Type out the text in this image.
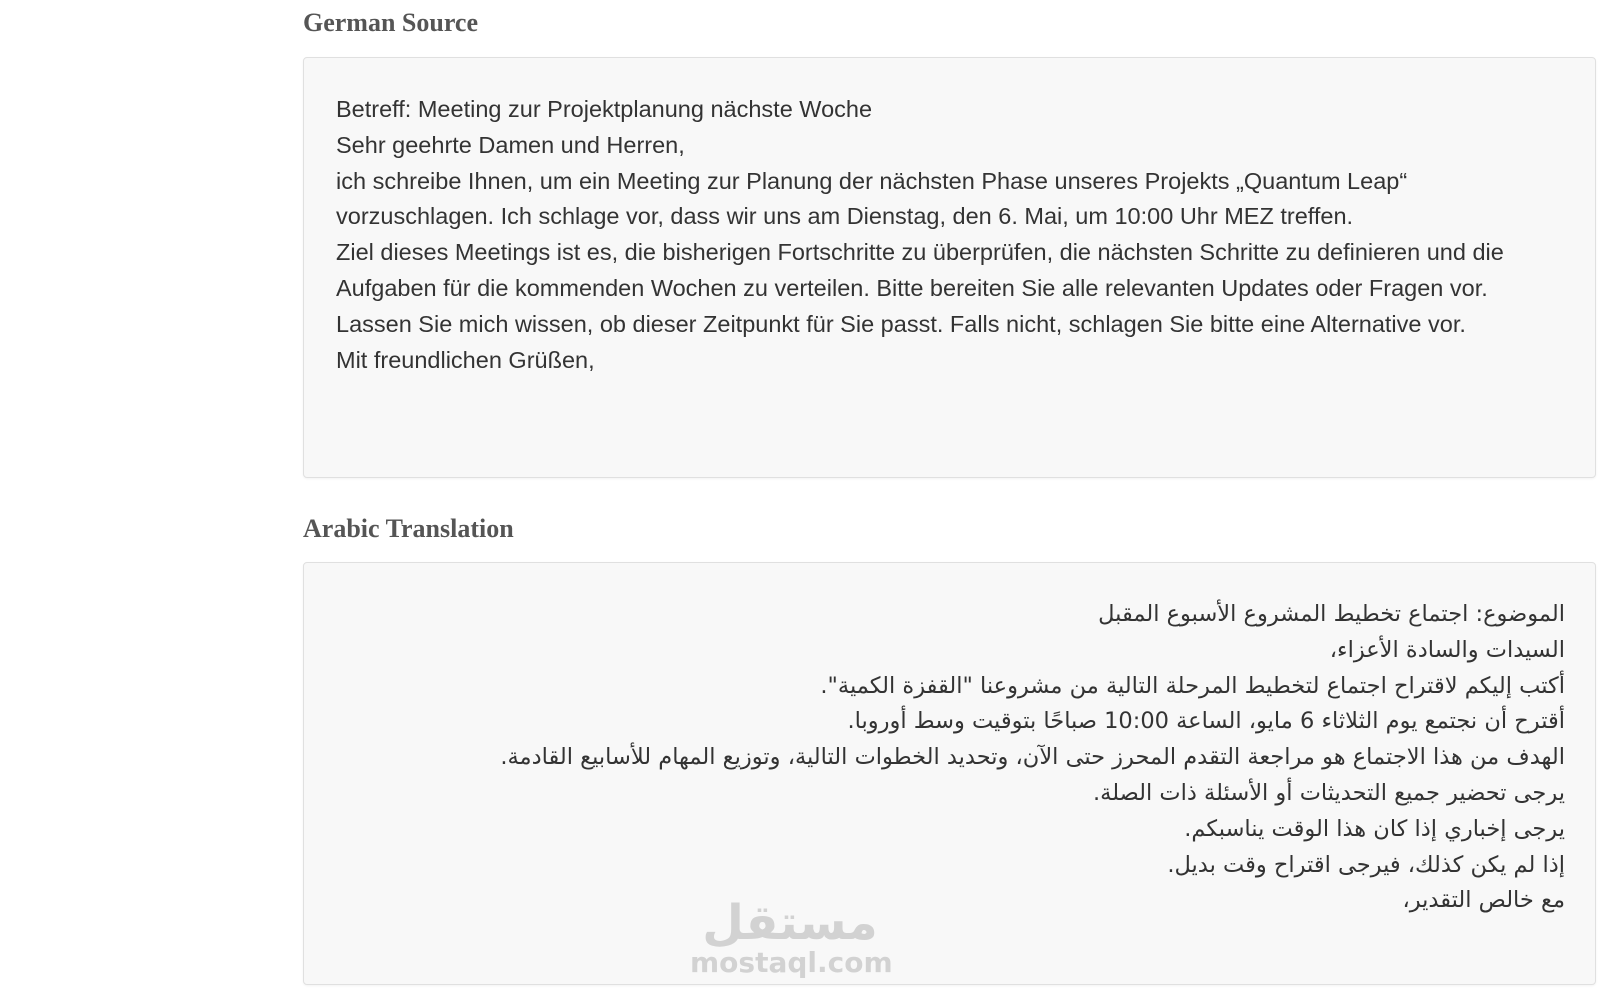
German Source
Betreff: Meeting zur Projektplanung nächste Woche
Sehr geehrte Damen und Herren,
ich schreibe Ihnen, um ein Meeting zur Planung der nächsten Phase unseres Projekts „Quantum Leap“ vorzuschlagen. Ich schlage vor, dass wir uns am Dienstag, den 6. Mai, um 10:00 Uhr MEZ treffen.
Ziel dieses Meetings ist es, die bisherigen Fortschritte zu überprüfen, die nächsten Schritte zu definieren und die Aufgaben für die kommenden Wochen zu verteilen. Bitte bereiten Sie alle relevanten Updates oder Fragen vor.
Lassen Sie mich wissen, ob dieser Zeitpunkt für Sie passt. Falls nicht, schlagen Sie bitte eine Alternative vor.
Mit freundlichen Grüßen,
Arabic Translation
الموضوع: اجتماع تخطيط المشروع الأسبوع المقبل
السيدات والسادة الأعزاء،
أكتب إليكم لاقتراح اجتماع لتخطيط المرحلة التالية من مشروعنا "القفزة الكمية".
أقترح أن نجتمع يوم الثلاثاء 6 مايو، الساعة 10:00 صباحًا بتوقيت وسط أوروبا.
الهدف من هذا الاجتماع هو مراجعة التقدم المحرز حتى الآن، وتحديد الخطوات التالية، وتوزيع المهام للأسابيع القادمة.
يرجى تحضير جميع التحديثات أو الأسئلة ذات الصلة.
يرجى إخباري إذا كان هذا الوقت يناسبكم.
إذا لم يكن كذلك، فيرجى اقتراح وقت بديل.
مع خالص التقدير،
مستقل
mostaql.com
